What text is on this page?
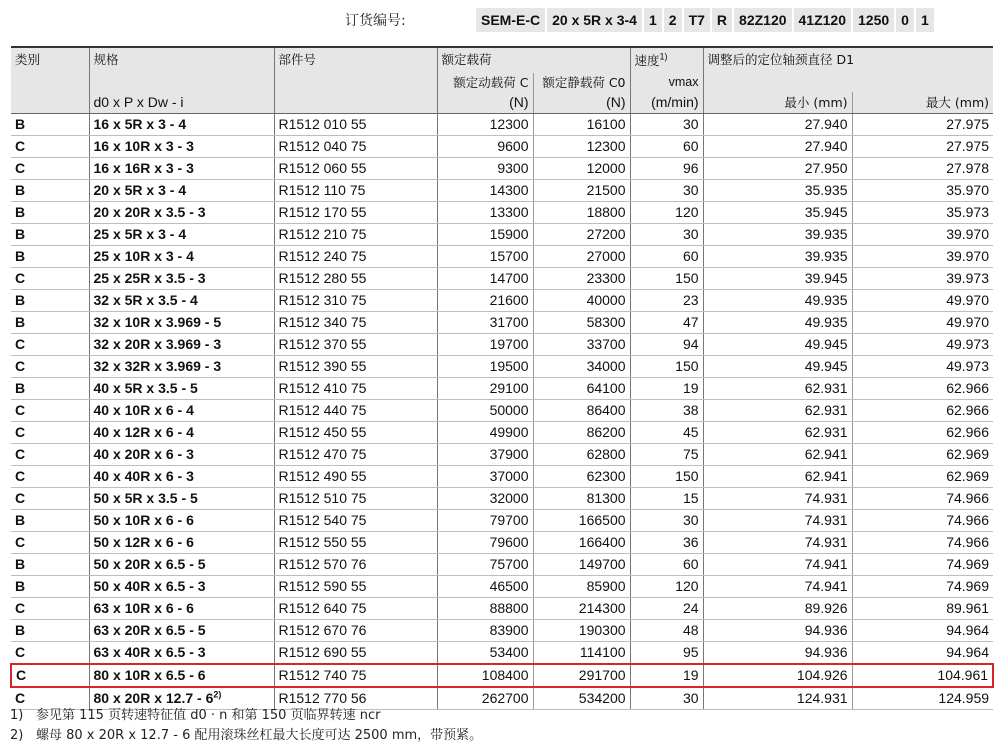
订货编号:	SEM-E-C 20 x 5R x 3-4 1 2 T7 R 82Z120 41Z120 1250 0 1
类别	规格	部件号	额定载荷		速度$^{1)}$	调整后的定位轴颈直径 D1	
			额定动载荷 C	额定静载荷 C0	vmax		
	d0 x P x Dw - i		(N)	(N)	(m/min)	最小 (mm)	最大 (mm)
B	16 x 5R x 3 - 4	R1512 010 55	12300	16100	30	27.940	27.975
C	16 x 10R x 3 - 3	R1512 040 75	9600	12300	60	27.940	27.975
C	16 x 16R x 3 - 3	R1512 060 55	9300	12000	96	27.950	27.978
B	20 x 5R x 3 - 4	R1512 110 75	14300	21500	30	35.935	35.970
B	20 x 20R x 3.5 - 3	R1512 170 55	13300	18800	120	35.945	35.973
B	25 x 5R x 3 - 4	R1512 210 75	15900	27200	30	39.935	39.970
B	25 x 10R x 3 - 4	R1512 240 75	15700	27000	60	39.935	39.970
C	25 x 25R x 3.5 - 3	R1512 280 55	14700	23300	150	39.945	39.973
B	32 x 5R x 3.5 - 4	R1512 310 75	21600	40000	23	49.935	49.970
B	32 x 10R x 3.969 - 5	R1512 340 75	31700	58300	47	49.935	49.970
C	32 x 20R x 3.969 - 3	R1512 370 55	19700	33700	94	49.945	49.973
C	32 x 32R x 3.969 - 3	R1512 390 55	19500	34000	150	49.945	49.973
B	40 x 5R x 3.5 - 5	R1512 410 75	29100	64100	19	62.931	62.966
C	40 x 10R x 6 - 4	R1512 440 75	50000	86400	38	62.931	62.966
C	40 x 12R x 6 - 4	R1512 450 55	49900	86200	45	62.931	62.966
C	40 x 20R x 6 - 3	R1512 470 75	37900	62800	75	62.941	62.969
C	40 x 40R x 6 - 3	R1512 490 55	37000	62300	150	62.941	62.969
C	50 x 5R x 3.5 - 5	R1512 510 75	32000	81300	15	74.931	74.966
B	50 x 10R x 6 - 6	R1512 540 75	79700	166500	30	74.931	74.966
C	50 x 12R x 6 - 6	R1512 550 55	79600	166400	36	74.931	74.966
B	50 x 20R x 6.5 - 5	R1512 570 76	75700	149700	60	74.941	74.969
B	50 x 40R x 6.5 - 3	R1512 590 55	46500	85900	120	74.941	74.969
C	63 x 10R x 6 - 6	R1512 640 75	88800	214300	24	89.926	89.961
B	63 x 20R x 6.5 - 5	R1512 670 76	83900	190300	48	94.936	94.964
C	63 x 40R x 6.5 - 3	R1512 690 55	53400	114100	95	94.936	94.964
C	80 x 10R x 6.5 - 6	R1512 740 75	108400	291700	19	104.926	104.961
C	80 x 20R x 12.7 - 6$^{2)}$	R1512 770 56	262700	534200	30	124.931	124.959
1) 参见第 115 页转速特征值 d0 · n 和第 150 页临界转速 ncr
2) 螺母 80 x 20R x 12.7 - 6 配用滚珠丝杠最大长度可达 2500 mm，带预紧。
